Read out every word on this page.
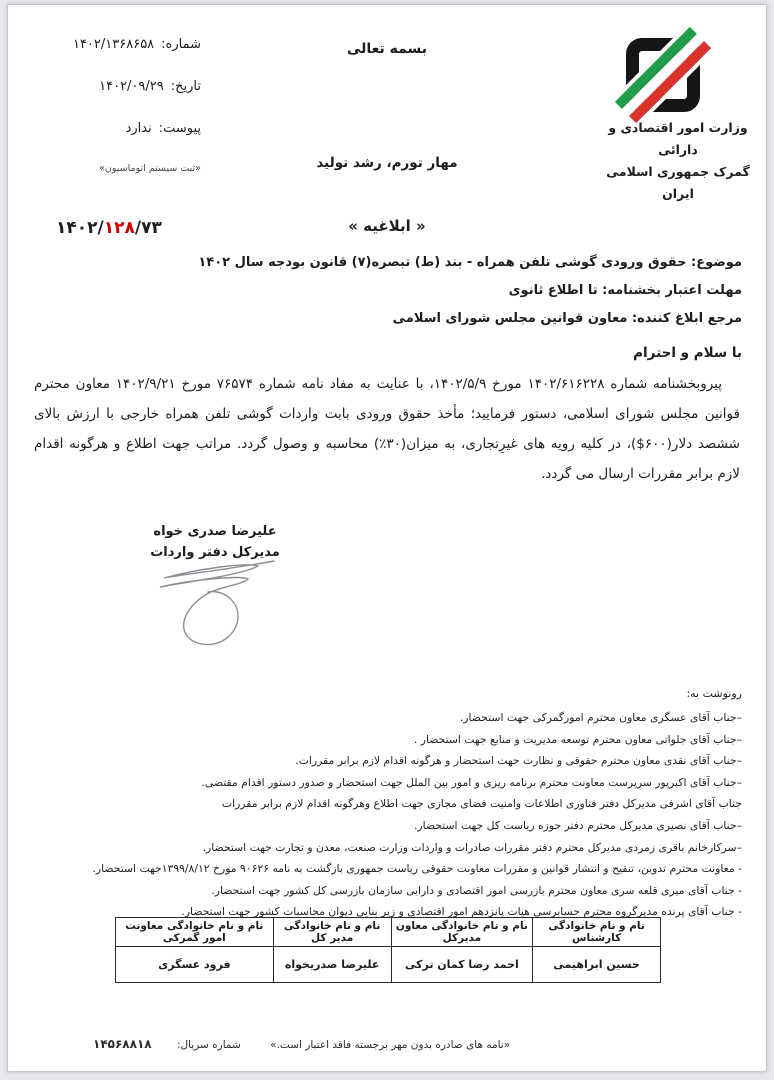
شماره:۱۴۰۲/۱۳۶۸۶۵۸
تاریخ:۱۴۰۲/۰۹/۲۹
پیوست:ندارد
«ثبت سیستم اتوماسیون»
بسمه تعالی
مهار تورم، رشد تولید
وزارت امور اقتصادی و دارائی
گمرک جمهوری اسلامی ایران
« ابلاغیه »
۱۴۰۲/۱۲۸/۷۳
موضوع: حقوق ورودی گوشی تلفن همراه - بند (ط) تبصره(۷) قانون بودجه سال ۱۴۰۲
مهلت اعتبار بخشنامه: تا اطلاع ثانوی
مرجع ابلاغ کننده: معاون قوانین مجلس شورای اسلامی
با سلام و احترام
پیروبخشنامه شماره ۱۴۰۲/۶۱۶۲۲۸ مورخ ۱۴۰۲/۵/۹، با عنایت به مفاد نامه شماره ۷۶۵۷۴ مورخ ۱۴۰۲/۹/۲۱ معاون محترم قوانین مجلس شورای اسلامی، دستور فرمایید؛ مأخذ حقوق ورودی بابت واردات گوشی تلفن همراه خارجی با ارزش بالای ششصد دلار(۶۰۰$)، در کلیه رویه های غیرِتجاری، به میزان(۳۰٪) محاسبه و وصول گردد. مراتب جهت اطلاع و هرگونه اقدام لازم برابر مقررات ارسال می گردد.
علیرضا صدری خواه
مدیرکل دفتر واردات
رونوشت به:
–جناب آقای عسگری معاون محترم امورگمرکی جهت استحضار.
–جناب آقای جلواتی معاون محترم توسعه مدیریت و منابع جهت استحضار .
–جناب آقای نقدی معاون محترم حقوقی و نظارت جهت استحضار و هرگونه اقدام لازم برابر مقررات.
–جناب آقای اکبرپور سرپرست معاونت محترم برنامه ریزی و امور بین الملل جهت استحضار و صدور دستور اقدام مقتضی.
جناب آقای اشرفی مدیرکل دفتر فناوری اطلاعات وامنیت فضای مجازی جهت اطلاع وهرگونه اقدام لازم برابر مقررات
–جناب آقای نصیری مدیرکل محترم دفتر حوزه ریاست کل جهت استحضار.
–سرکارخانم باقری زمردی مدیرکل محترم دفتر مقررات صادرات و واردات وزارت صنعت، معدن و تجارت جهت استحضار.
- معاونت محترم تدوین، تنقیح و انتشار قوانین و مقررات معاونت حقوقی ریاست جمهوری بازگشت به نامه ۹۰۶۲۶ مورخ ۱۳۹۹/۸/۱۲جهت استحضار.
- جناب آقای میری قلعه سری معاون محترم بازرسی امور اقتصادی و دارایی سازمان بازرسی کل کشور جهت استحضار.
- جناب آقای پرنده مدیرگروه محترم حسابرسی هیات پانزدهم امور اقتصادی و زیر بنایی دیوان محاسبات کشور جهت استحضار.
نام و نام خانوادگی کارشناس	نام و نام خانوادگی معاون مدیرکل	نام و نام خانوادگی مدیر کل	نام و نام خانوادگی معاونت امور گمرکی
حسین ابراهیمی	احمد رضا کمان ترکی	علیرضا صدریخواه	فرود عسگری
«نامه های صادره بدون مهر برجسته فاقد اعتبار است.» شماره سریال: ۱۴۵۶۸۸۱۸
